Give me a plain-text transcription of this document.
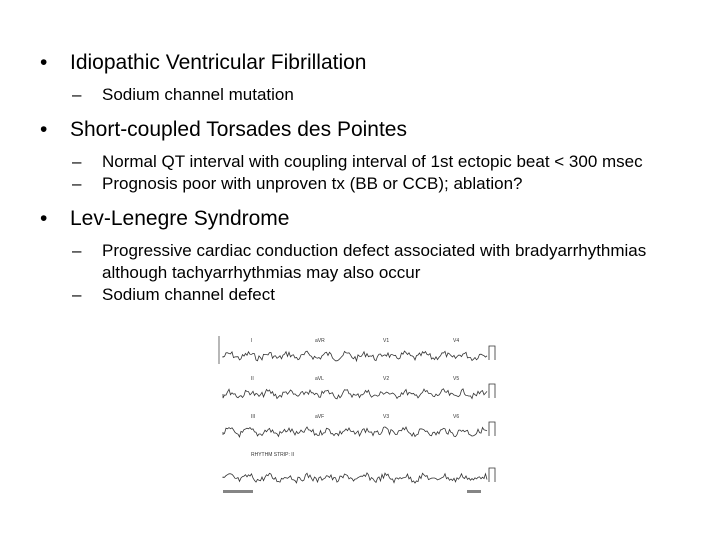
• Idiopathic Ventricular Fibrillation
– Sodium channel mutation
• Short-coupled Torsades des Pointes
– Normal QT interval with coupling interval of 1st ectopic beat < 300 msec
– Prognosis poor with unproven tx (BB or CCB); ablation?
• Lev-Lenegre Syndrome
– Progressive cardiac conduction defect associated with bradyarrhythmias although tachyarrhythmias may also occur
– Sodium channel defect
I	aVR	V1	V4
II	aVL	V2	V5
III	aVF	V3	V6
RHYTHM STRIP: II
